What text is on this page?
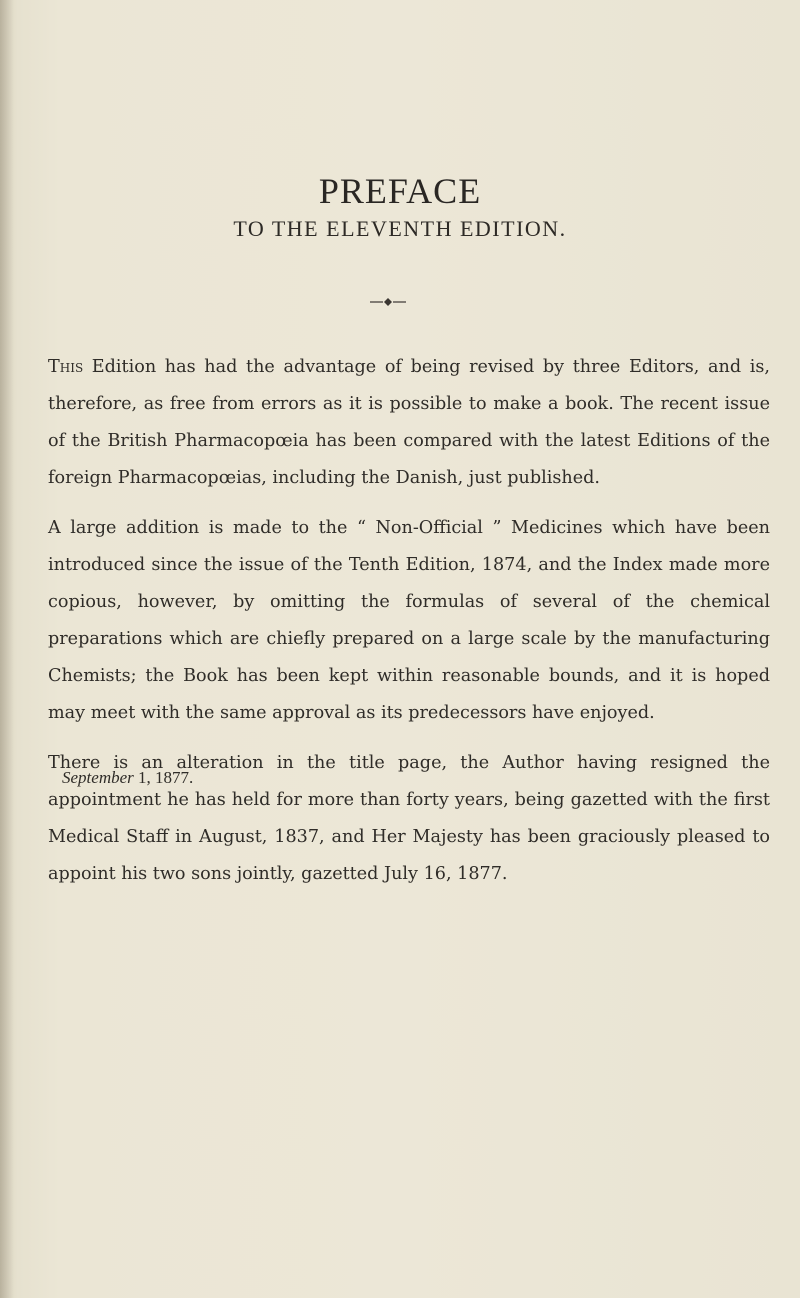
PREFACE
TO THE ELEVENTH EDITION.

This Edition has had the advantage of being revised by three Editors, and is, therefore, as free from errors as it is possible to make a book. The recent issue of the British Pharmacopœia has been compared with the latest Editions of the foreign Pharmacopœias, including the Danish, just published.

A large addition is made to the “ Non-Official ” Medicines which have been introduced since the issue of the Tenth Edition, 1874, and the Index made more copious, however, by omitting the formulas of several of the chemical preparations which are chiefly prepared on a large scale by the manufacturing Chemists; the Book has been kept within reasonable bounds, and it is hoped may meet with the same approval as its predecessors have enjoyed.

There is an alteration in the title page, the Author having resigned the appointment he has held for more than forty years, being gazetted with the first Medical Staff in August, 1837, and Her Majesty has been graciously pleased to appoint his two sons jointly, gazetted July 16, 1877.

September 1, 1877.
